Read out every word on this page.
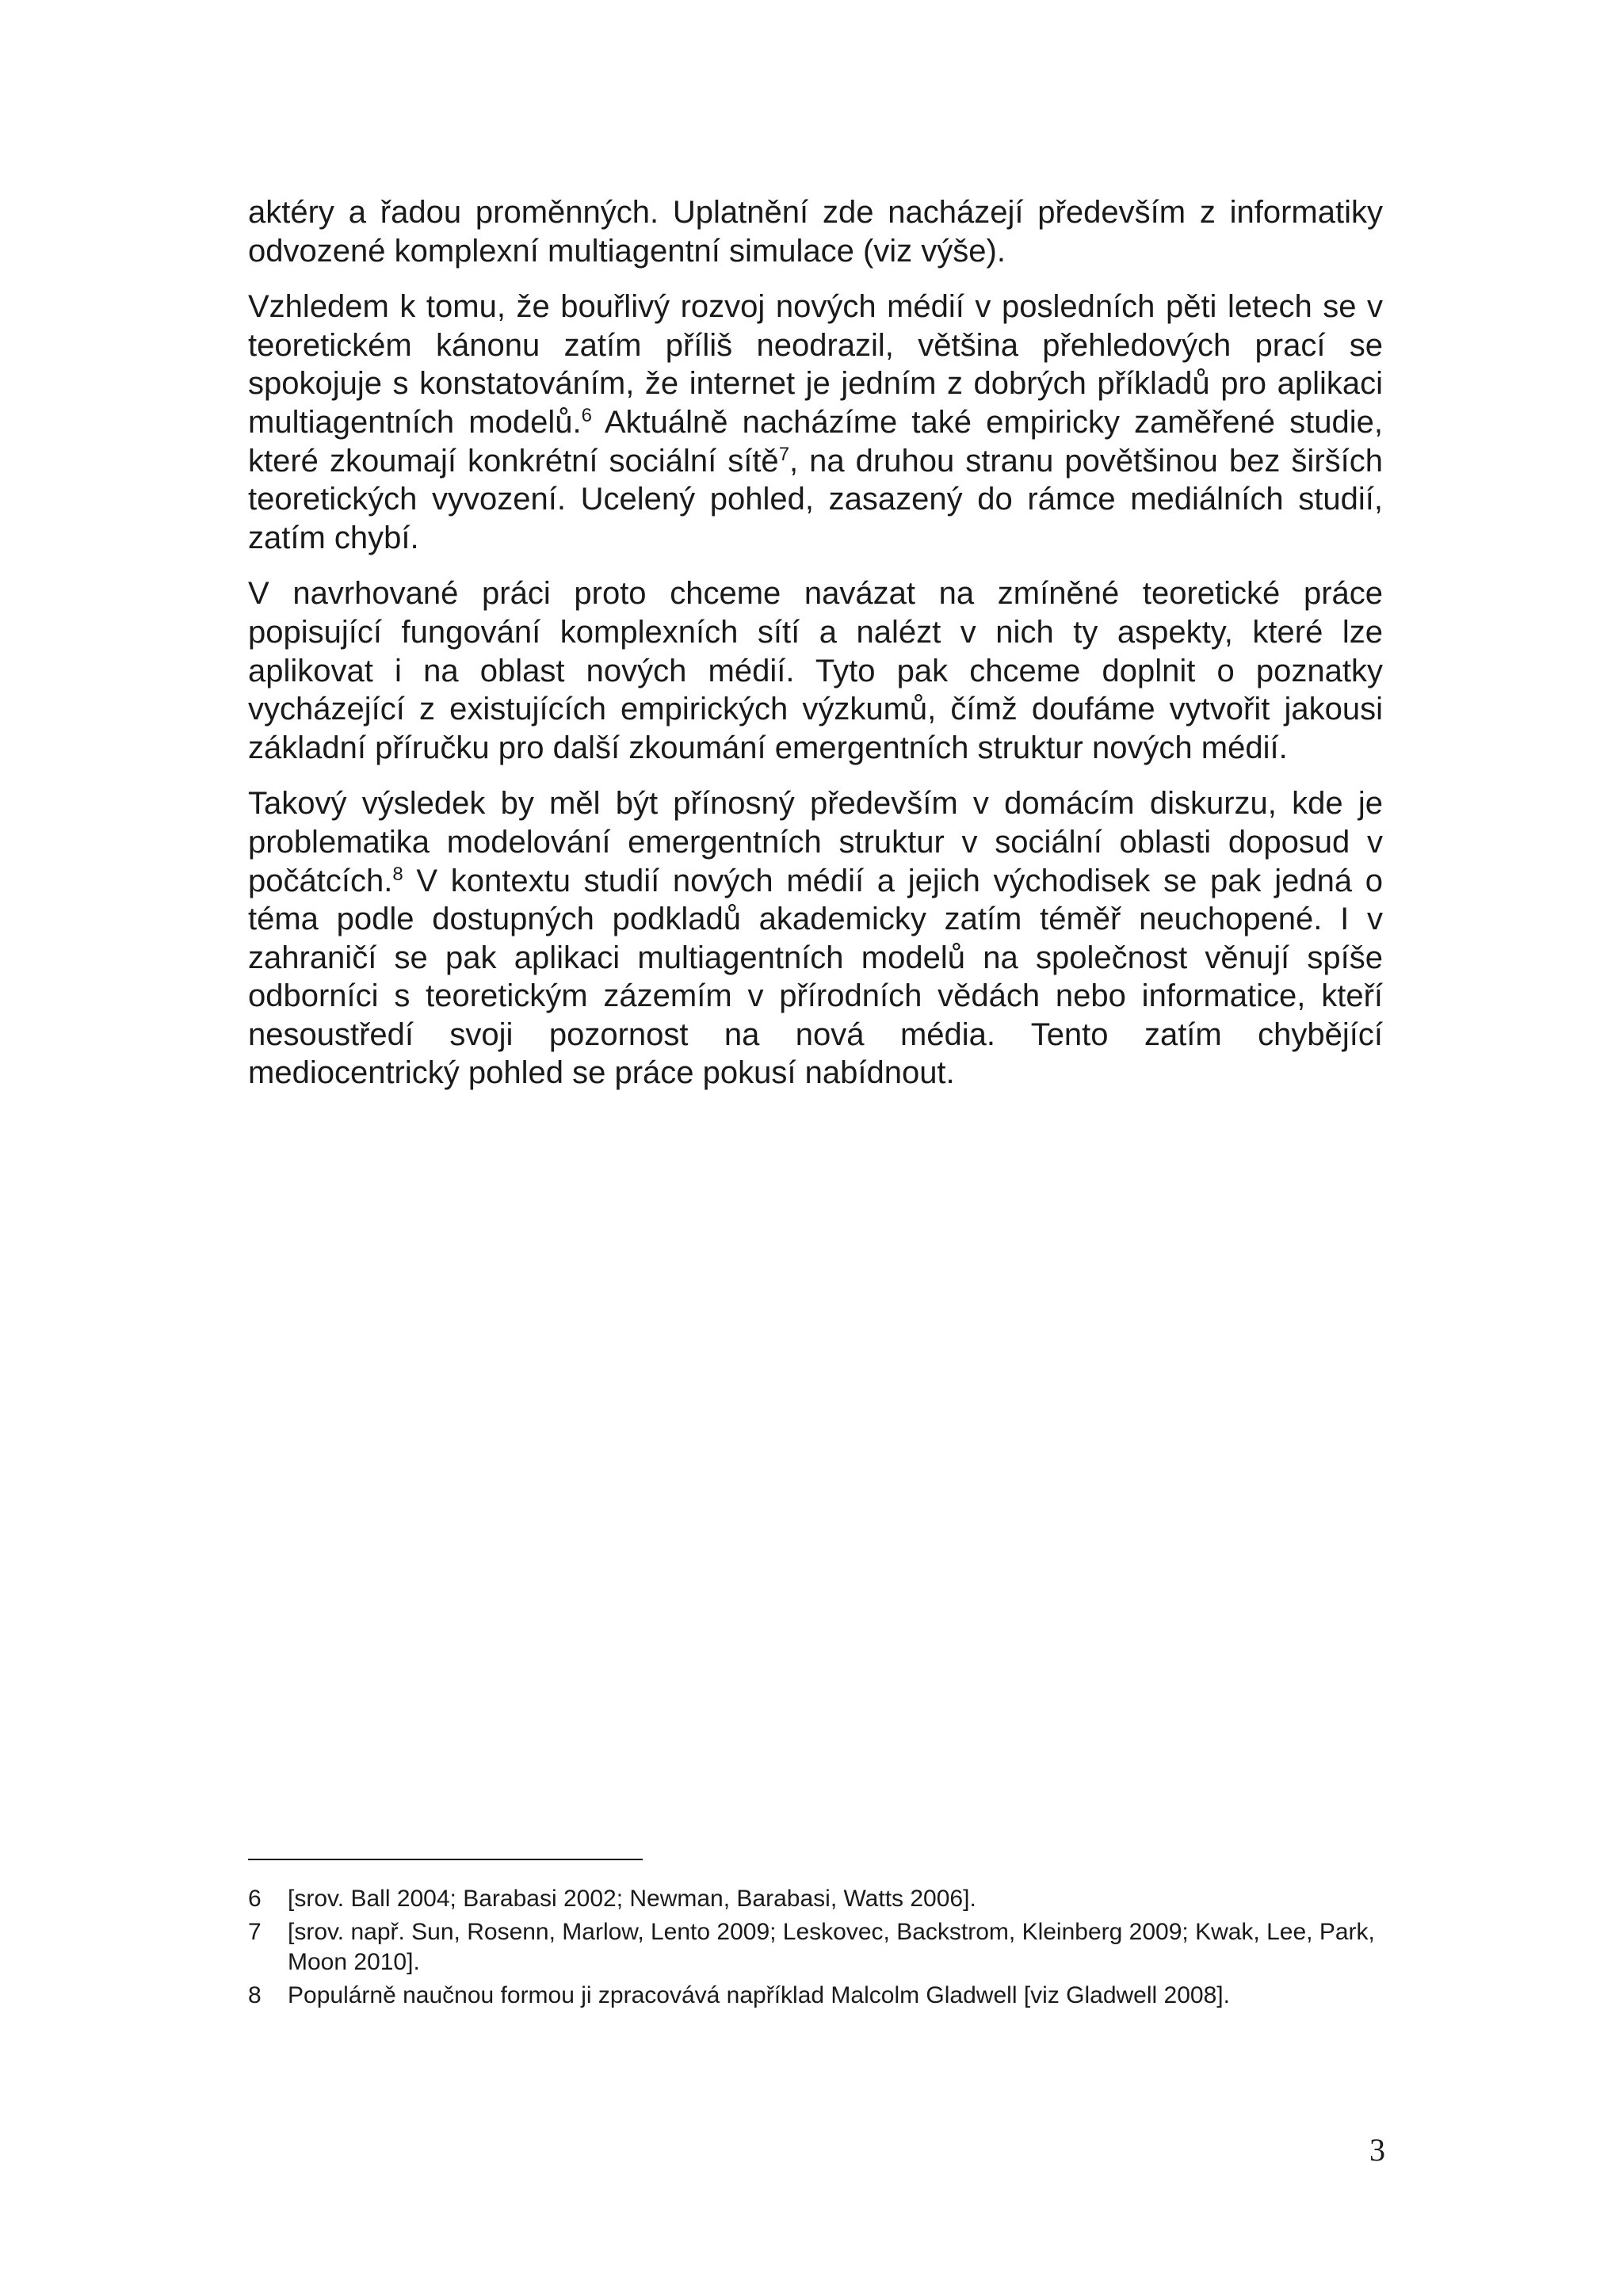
aktéry a řadou proměnných. Uplatnění zde nacházejí především z informatiky odvozené komplexní multiagentní simulace (viz výše).

Vzhledem k tomu, že bouřlivý rozvoj nových médií v posledních pěti letech se v teoretickém kánonu zatím příliš neodrazil, většina přehledových prací se spokojuje s konstatováním, že internet je jedním z dobrých příkladů pro aplikaci multiagentních modelů.$^6$ Aktuálně nacházíme také empiricky zaměřené studie, které zkoumají konkrétní sociální sítě$^7$, na druhou stranu povětšinou bez širších teoretických vyvození. Ucelený pohled, zasazený do rámce mediálních studií, zatím chybí.

V navrhované práci proto chceme navázat na zmíněné teoretické práce popisující fungování komplexních sítí a nalézt v nich ty aspekty, které lze aplikovat i na oblast nových médií. Tyto pak chceme doplnit o poznatky vycházející z existujících empirických výzkumů, čímž doufáme vytvořit jakousi základní příručku pro další zkoumání emergentních struktur nových médií.

Takový výsledek by měl být přínosný především v domácím diskurzu, kde je problematika modelování emergentních struktur v sociální oblasti doposud v počátcích.$^8$ V kontextu studií nových médií a jejich východisek se pak jedná o téma podle dostupných podkladů akademicky zatím téměř neuchopené. I v zahraničí se pak aplikaci multiagentních modelů na společnost věnují spíše odborníci s teoretickým zázemím v přírodních vědách nebo informatice, kteří nesoustředí svoji pozornost na nová média. Tento zatím chybějící mediocentrický pohled se práce pokusí nabídnout.

6	[srov. Ball 2004; Barabasi 2002; Newman, Barabasi, Watts 2006].
7	[srov. např. Sun, Rosenn, Marlow, Lento 2009; Leskovec, Backstrom, Kleinberg 2009; Kwak, Lee, Park, Moon 2010].
8	Populárně naučnou formou ji zpracovává například Malcolm Gladwell [viz Gladwell 2008].
3
